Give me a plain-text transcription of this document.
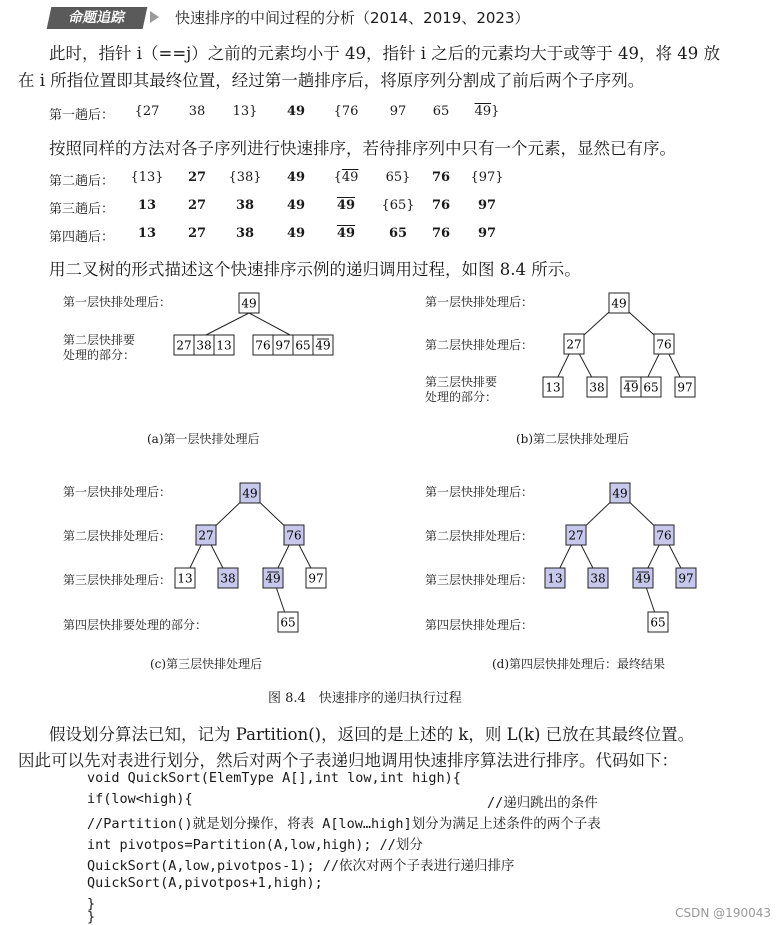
命题追踪	快速排序的中间过程的分析（2014、2019、2023）
此时，指针 i（==j）之前的元素均小于 49，指针 i 之后的元素均大于或等于 49，将 49 放
在 i 所指位置即其最终位置，经过第一趟排序后，将原序列分割成了前后两个子序列。
第一趟后：	{27	38	13}	49	{76	97	65	49}
按照同样的方法对各子序列进行快速排序，若待排序列中只有一个元素，显然已有序。
第二趟后： {13}	27	{38}	49	{49	65}	76	{97}
第三趟后：	13	27	38	49	49	{65}	76	97
第四趟后：	13	27	38	49	49	65	76	97
用二叉树的形式描述这个快速排序示例的递归调用过程，如图 8.4 所示。
第一层快排处理后：
第二层快排要
处理的部分：
(a)第一层快排处理后
第一层快排处理后：
第二层快排处理后：
第三层快排要
处理的部分：
(b)第二层快排处理后
第一层快排处理后：
第二层快排处理后：
第三层快排处理后：
第四层快排要处理的部分：
(c)第三层快排处理后
第一层快排处理后：
第二层快排处理后：
第三层快排处理后：
第四层快排处理后：
(d)第四层快排处理后：最终结果
图 8.4　快速排序的递归执行过程
49
27 38 13 76 97 65 49
49
27	76
13 38 49 65 97
49
27	76
13 38 49 97
65
49
27	76
13 38 49 97
65
假设划分算法已知，记为 Partition()，返回的是上述的 k，则 L(k) 已放在其最终位置。
因此可以先对表进行划分，然后对两个子表递归地调用快速排序算法进行排序。代码如下：
void QuickSort(ElemType A[],int low,int high){
if(low<high){	//递归跳出的条件
//Partition()就是划分操作，将表 A[low…high]划分为满足上述条件的两个子表
int pivotpos=Partition(A,low,high); //划分
QuickSort(A,low,pivotpos-1); //依次对两个子表进行递归排序
QuickSort(A,pivotpos+1,high);
}
}	CSDN @190043
